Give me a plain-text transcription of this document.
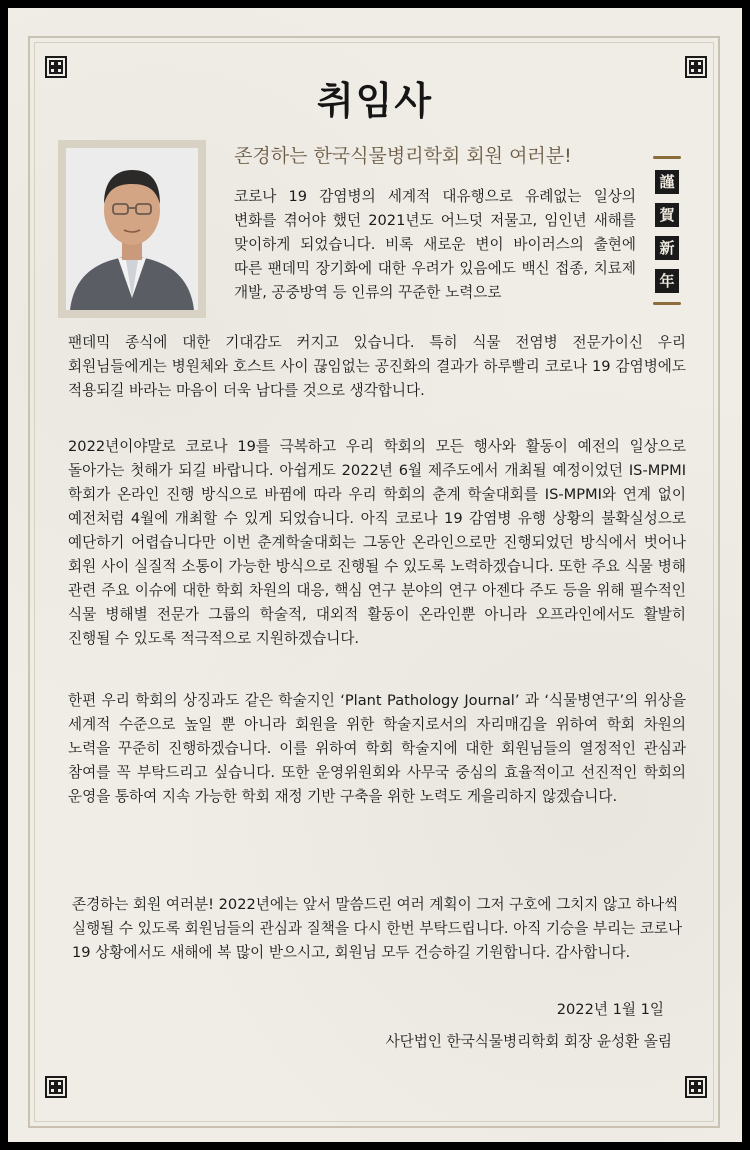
취임사
존경하는 한국식물병리학회 회원 여러분!
謹
賀
新
年
코로나 19 감염병의 세계적 대유행으로 유례없는 일상의 변화를 겪어야 했던 2021년도 어느덧 저물고, 임인년 새해를 맞이하게 되었습니다. 비록 새로운 변이 바이러스의 출현에 따른 팬데믹 장기화에 대한 우려가 있음에도 백신 접종, 치료제 개발, 공중방역 등 인류의 꾸준한 노력으로
팬데믹 종식에 대한 기대감도 커지고 있습니다. 특히 식물 전염병 전문가이신 우리 회원님들에게는 병원체와 호스트 사이 끊임없는 공진화의 결과가 하루빨리 코로나 19 감염병에도 적용되길 바라는 마음이 더욱 남다를 것으로 생각합니다.
2022년이야말로 코로나 19를 극복하고 우리 학회의 모든 행사와 활동이 예전의 일상으로 돌아가는 첫해가 되길 바랍니다. 아쉽게도 2022년 6월 제주도에서 개최될 예정이었던 IS-MPMI 학회가 온라인 진행 방식으로 바뀜에 따라 우리 학회의 춘계 학술대회를 IS-MPMI와 연계 없이 예전처럼 4월에 개최할 수 있게 되었습니다. 아직 코로나 19 감염병 유행 상황의 불확실성으로 예단하기 어렵습니다만 이번 춘계학술대회는 그동안 온라인으로만 진행되었던 방식에서 벗어나 회원 사이 실질적 소통이 가능한 방식으로 진행될 수 있도록 노력하겠습니다. 또한 주요 식물 병해 관련 주요 이슈에 대한 학회 차원의 대응, 핵심 연구 분야의 연구 아젠다 주도 등을 위해 필수적인 식물 병해별 전문가 그룹의 학술적, 대외적 활동이 온라인뿐 아니라 오프라인에서도 활발히 진행될 수 있도록 적극적으로 지원하겠습니다.
한편 우리 학회의 상징과도 같은 학술지인 ‘Plant Pathology Journal’ 과 ‘식물병연구’의 위상을 세계적 수준으로 높일 뿐 아니라 회원을 위한 학술지로서의 자리매김을 위하여 학회 차원의 노력을 꾸준히 진행하겠습니다. 이를 위하여 학회 학술지에 대한 회원님들의 열정적인 관심과 참여를 꼭 부탁드리고 싶습니다. 또한 운영위원회와 사무국 중심의 효율적이고 선진적인 학회의 운영을 통하여 지속 가능한 학회 재정 기반 구축을 위한 노력도 게을리하지 않겠습니다.
존경하는 회원 여러분! 2022년에는 앞서 말씀드린 여러 계획이 그저 구호에 그치지 않고 하나씩 실행될 수 있도록 회원님들의 관심과 질책을 다시 한번 부탁드립니다. 아직 기승을 부리는 코로나 19 상황에서도 새해에 복 많이 받으시고, 회원님 모두 건승하길 기원합니다. 감사합니다.
2022년 1월 1일
사단법인 한국식물병리학회 회장 윤성환 올림
